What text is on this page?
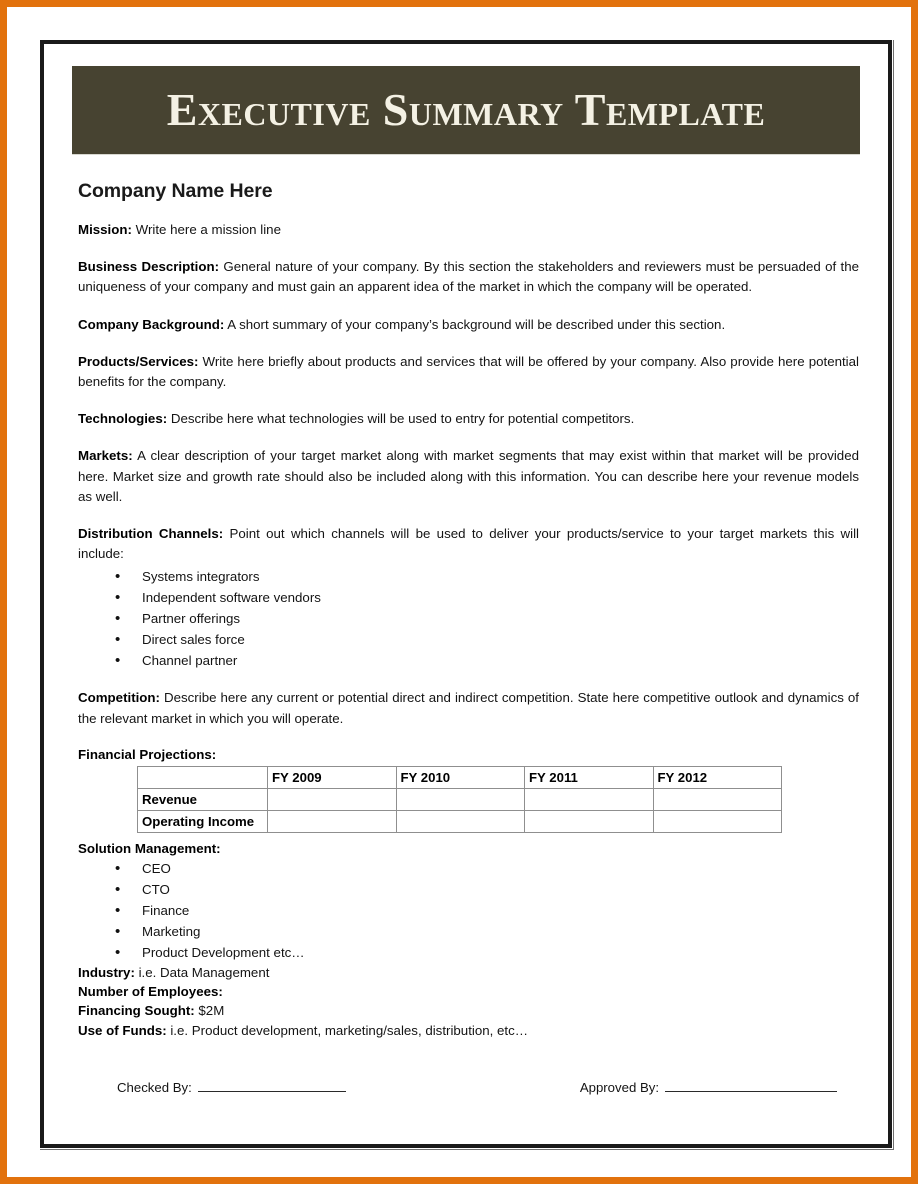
Executive Summary Template
Company Name Here

Mission: Write here a mission line

Business Description: General nature of your company. By this section the stakeholders and reviewers must be persuaded of the uniqueness of your company and must gain an apparent idea of the market in which the company will be operated.

Company Background: A short summary of your company’s background will be described under this section.

Products/Services: Write here briefly about products and services that will be offered by your company. Also provide here potential benefits for the company.

Technologies: Describe here what technologies will be used to entry for potential competitors.

Markets: A clear description of your target market along with market segments that may exist within that market will be provided here. Market size and growth rate should also be included along with this information. You can describe here your revenue models as well.

Distribution Channels: Point out which channels will be used to deliver your products/service to your target markets this will include:

• Systems integrators
• Independent software vendors
• Partner offerings
• Direct sales force
• Channel partner

Competition: Describe here any current or potential direct and indirect competition. State here competitive outlook and dynamics of the relevant market in which you will operate.

Financial Projections:
	FY 2009	FY 2010	FY 2011	FY 2012
Revenue				
Operating Income				
Solution Management:
• CEO
• CTO
• Finance
• Marketing
• Product Development etc…
Industry: i.e. Data Management
Number of Employees:
Financing Sought: $2M
Use of Funds: i.e. Product development, marketing/sales, distribution, etc…
Checked By:	Approved By:
